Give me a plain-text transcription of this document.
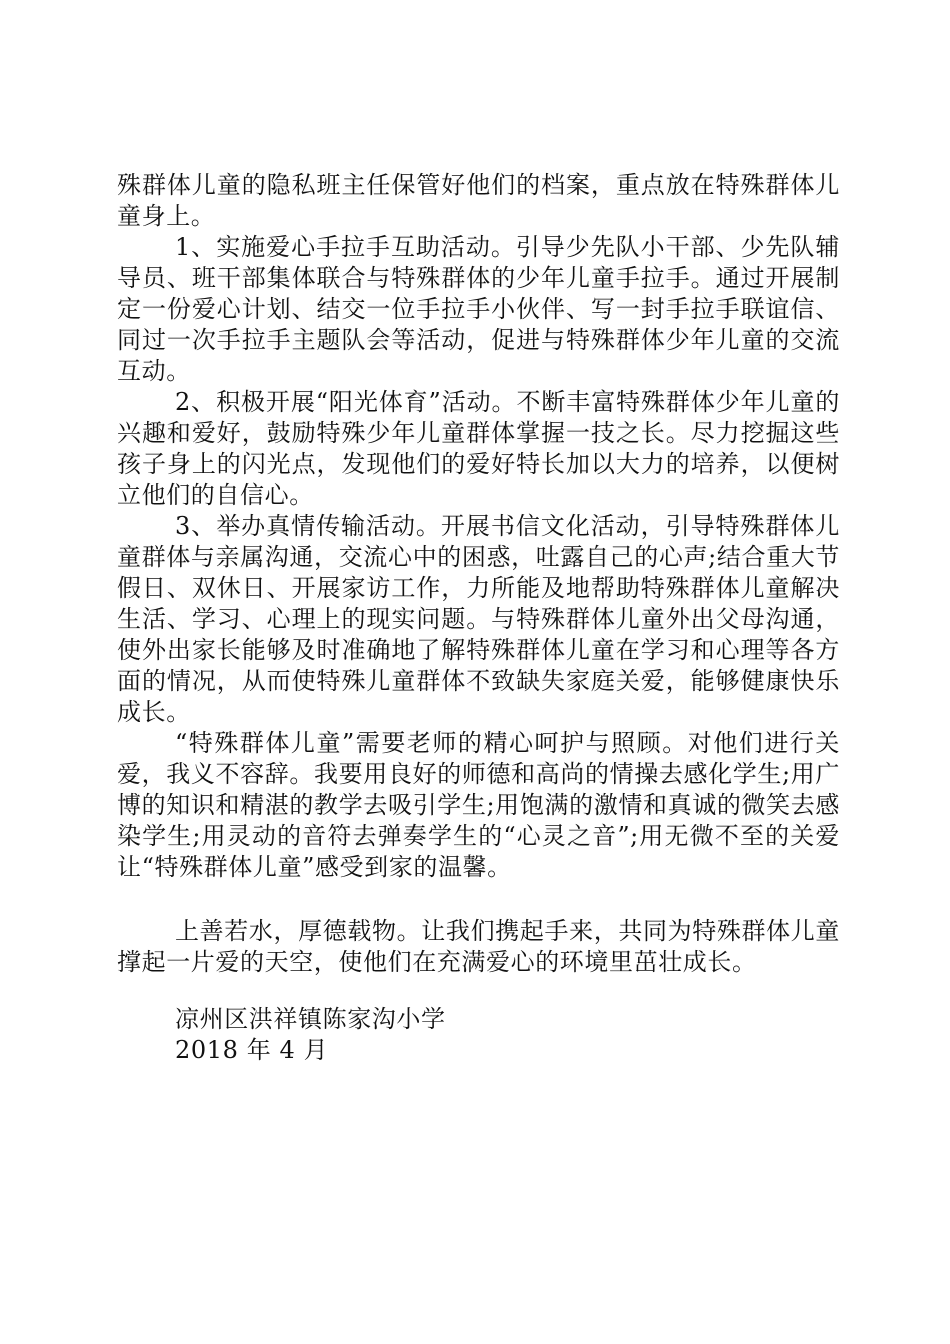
殊群体儿童的隐私班主任保管好他们的档案，重点放在特殊群体儿童身上。

1、实施爱心手拉手互助活动。引导少先队小干部、少先队辅导员、班干部集体联合与特殊群体的少年儿童手拉手。通过开展制定一份爱心计划、结交一位手拉手小伙伴、写一封手拉手联谊信、同过一次手拉手主题队会等活动，促进与特殊群体少年儿童的交流互动。

2、积极开展“阳光体育”活动。不断丰富特殊群体少年儿童的兴趣和爱好，鼓励特殊少年儿童群体掌握一技之长。尽力挖掘这些孩子身上的闪光点，发现他们的爱好特长加以大力的培养，以便树立他们的自信心。

3、举办真情传输活动。开展书信文化活动，引导特殊群体儿童群体与亲属沟通，交流心中的困惑，吐露自己的心声;结合重大节假日、双休日、开展家访工作，力所能及地帮助特殊群体儿童解决生活、学习、心理上的现实问题。与特殊群体儿童外出父母沟通，使外出家长能够及时准确地了解特殊群体儿童在学习和心理等各方面的情况，从而使特殊儿童群体不致缺失家庭关爱，能够健康快乐成长。

“特殊群体儿童”需要老师的精心呵护与照顾。对他们进行关爱，我义不容辞。我要用良好的师德和高尚的情操去感化学生;用广博的知识和精湛的教学去吸引学生;用饱满的激情和真诚的微笑去感染学生;用灵动的音符去弹奏学生的“心灵之音”;用无微不至的关爱让“特殊群体儿童”感受到家的温馨。

上善若水，厚德载物。让我们携起手来，共同为特殊群体儿童撑起一片爱的天空，使他们在充满爱心的环境里茁壮成长。

凉州区洪祥镇陈家沟小学
2018 年 4 月
